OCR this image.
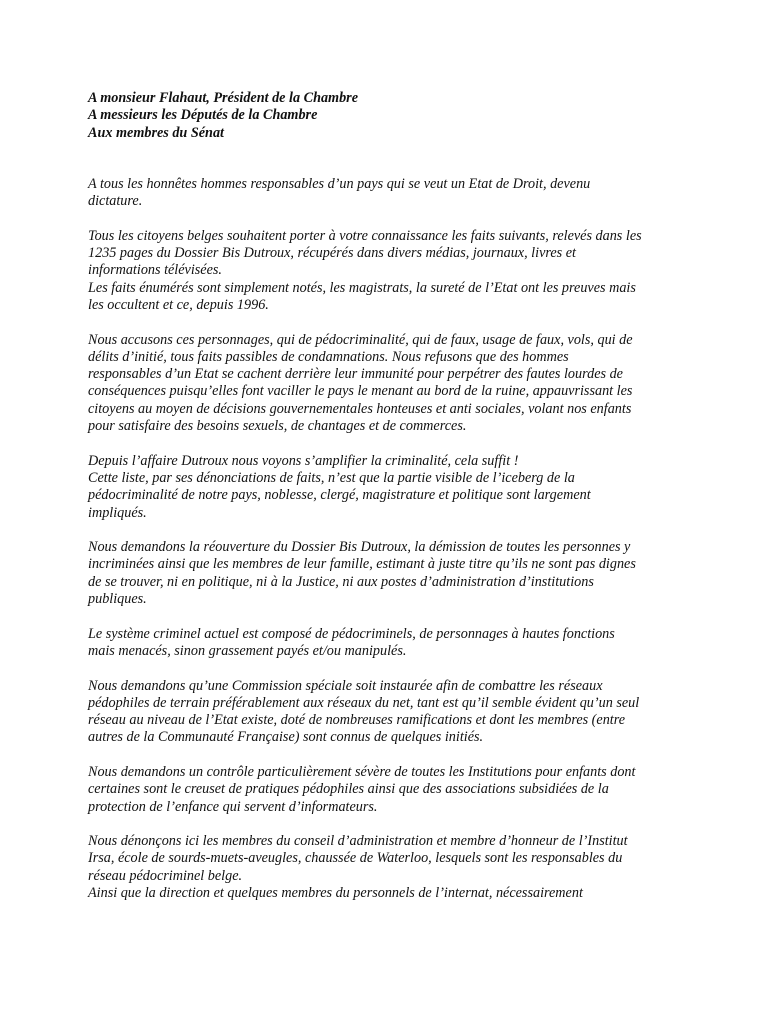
A monsieur Flahaut, Président de la Chambre
A messieurs les Députés de la Chambre
Aux membres du Sénat
A tous les honnêtes hommes responsables d’un pays qui se veut un Etat de Droit, devenu
dictature.
Tous les citoyens belges souhaitent porter à votre connaissance les faits suivants, relevés dans les
1235 pages du Dossier Bis Dutroux, récupérés dans divers médias, journaux, livres et
informations télévisées.
Les faits énumérés sont simplement notés, les magistrats, la sureté de l’Etat ont les preuves mais
les occultent et ce, depuis 1996.
Nous accusons ces personnages, qui de pédocriminalité, qui de faux, usage de faux, vols, qui de
délits d’initié, tous faits passibles de condamnations. Nous refusons que des hommes
responsables d’un Etat se cachent derrière leur immunité pour perpétrer des fautes lourdes de
conséquences puisqu’elles font vaciller le pays le menant au bord de la ruine, appauvrissant les
citoyens au moyen de décisions gouvernementales honteuses et anti sociales, volant nos enfants
pour satisfaire des besoins sexuels, de chantages et de commerces.
Depuis l’affaire Dutroux nous voyons s’amplifier la criminalité, cela suffit !
Cette liste, par ses dénonciations de faits, n’est que la partie visible de l’iceberg de la
pédocriminalité de notre pays, noblesse, clergé, magistrature et politique sont largement
impliqués.
Nous demandons la réouverture du Dossier Bis Dutroux, la démission de toutes les personnes y
incriminées ainsi que les membres de leur famille, estimant à juste titre qu’ils ne sont pas dignes
de se trouver, ni en politique, ni à la Justice, ni aux postes d’administration d’institutions
publiques.
Le système criminel actuel est composé de pédocriminels, de personnages à hautes fonctions
mais menacés, sinon grassement payés et/ou manipulés.
Nous demandons qu’une Commission spéciale soit instaurée afin de combattre les réseaux
pédophiles de terrain préférablement aux réseaux du net, tant est qu’il semble évident qu’un seul
réseau au niveau de l’Etat existe, doté de nombreuses ramifications et dont les membres (entre
autres de la Communauté Française) sont connus de quelques initiés.
Nous demandons un contrôle particulièrement sévère de toutes les Institutions pour enfants dont
certaines sont le creuset de pratiques pédophiles ainsi que des associations subsidiées de la
protection de l’enfance qui servent d’informateurs.
Nous dénonçons ici les membres du conseil d’administration et membre d’honneur de l’Institut
Irsa, école de sourds-muets-aveugles, chaussée de Waterloo, lesquels sont les responsables du
réseau pédocriminel belge.
Ainsi que la direction et quelques membres du personnels de l’internat, nécessairement
